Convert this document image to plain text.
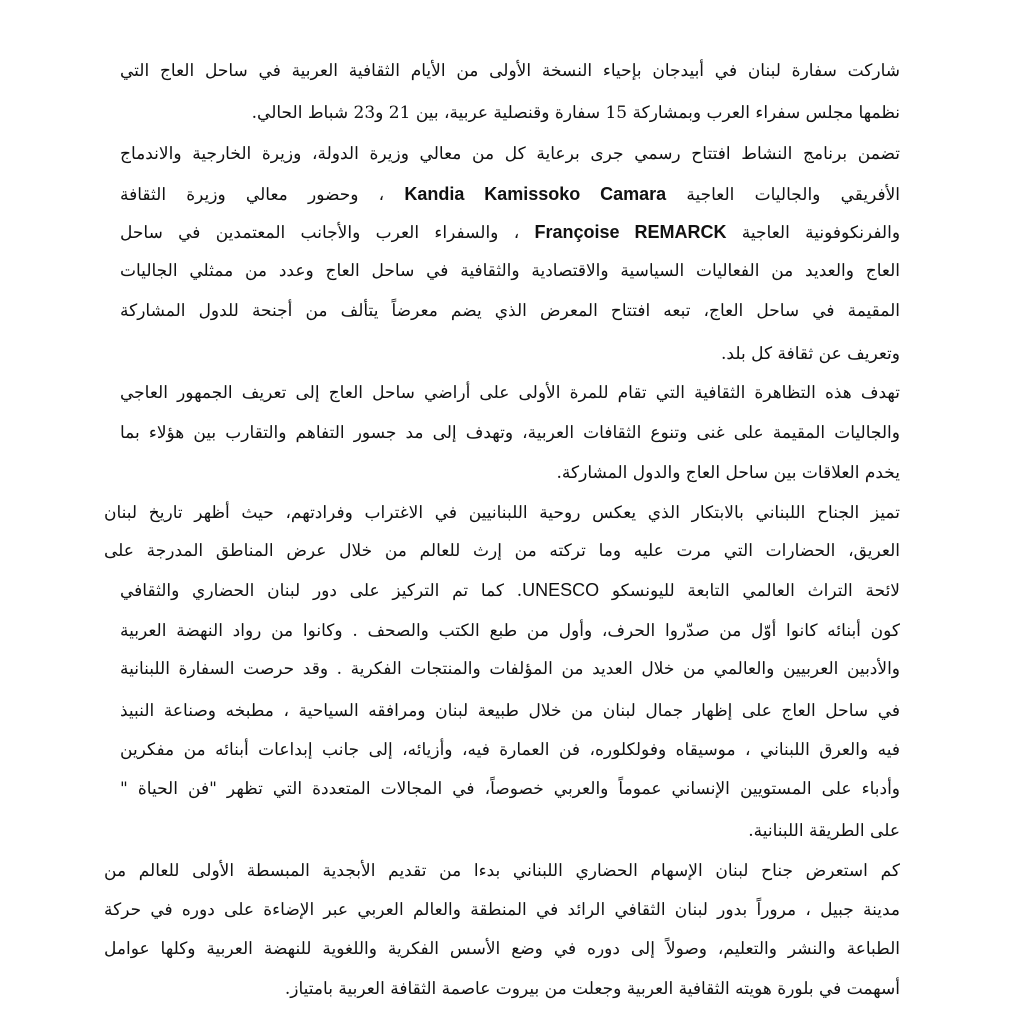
شاركت سفارة لبنان في أبيدجان بإحياء النسخة الأولى من الأيام الثقافية العربية في ساحل العاج التي
نظمها مجلس سفراء العرب وبمشاركة 15 سفارة وقنصلية عربية، بين 21 و23 شباط الحالي.
تضمن برنامج النشاط افتتاح رسمي جرى برعاية كل من معالي وزيرة الدولة، وزيرة الخارجية والاندماج
الأفريقي والجاليات العاجية Kandia Kamissoko Camara ، وحضور معالي وزيرة الثقافة
والفرنكوفونية العاجية Françoise REMARCK ، والسفراء العرب والأجانب المعتمدين في ساحل
العاج والعديد من الفعاليات السياسية والاقتصادية والثقافية في ساحل العاج وعدد من ممثلي الجاليات
المقيمة في ساحل العاج، تبعه افتتاح المعرض الذي يضم معرضاً يتألف من أجنحة للدول المشاركة
وتعريف عن ثقافة كل بلد.
تهدف هذه التظاهرة الثقافية التي تقام للمرة الأولى على أراضي ساحل العاج إلى تعريف الجمهور العاجي
والجاليات المقيمة على غنى وتنوع الثقافات العربية، وتهدف إلى مد جسور التفاهم والتقارب بين هؤلاء بما
يخدم العلاقات بين ساحل العاج والدول المشاركة.
تميز الجناح اللبناني بالابتكار الذي يعكس روحية اللبنانيين في الاغتراب وفرادتهم، حيث أظهر تاريخ لبنان
العريق، الحضارات التي مرت عليه وما تركته من إرث للعالم من خلال عرض المناطق المدرجة على
لائحة التراث العالمي التابعة لليونسكو UNESCO. كما تم التركيز على دور لبنان الحضاري والثقافي
كون أبنائه كانوا أوّل من صدّروا الحرف، وأول من طبع الكتب والصحف . وكانوا من رواد النهضة العربية
والأدبين العربيين والعالمي من خلال العديد من المؤلفات والمنتجات الفكرية . وقد حرصت السفارة اللبنانية
في ساحل العاج على إظهار جمال لبنان من خلال طبيعة لبنان ومرافقه السياحية ، مطبخه وصناعة النبيذ
فيه والعرق اللبناني ، موسيقاه وفولكلوره، فن العمارة فيه، وأزيائه، إلى جانب إبداعات أبنائه من مفكرين
وأدباء على المستويين الإنساني عموماً والعربي خصوصاً، في المجالات المتعددة التي تظهر "فن الحياة "
على الطريقة اللبنانية.
كم استعرض جناح لبنان الإسهام الحضاري اللبناني بدءا من تقديم الأبجدية المبسطة الأولى للعالم من
مدينة جبيل ، مروراً بدور لبنان الثقافي الرائد في المنطقة والعالم العربي عبر الإضاءة على دوره في حركة
الطباعة والنشر والتعليم، وصولاً إلى دوره في وضع الأسس الفكرية واللغوية للنهضة العربية وكلها عوامل
أسهمت في بلورة هويته الثقافية العربية وجعلت من بيروت عاصمة الثقافة العربية بامتياز.
